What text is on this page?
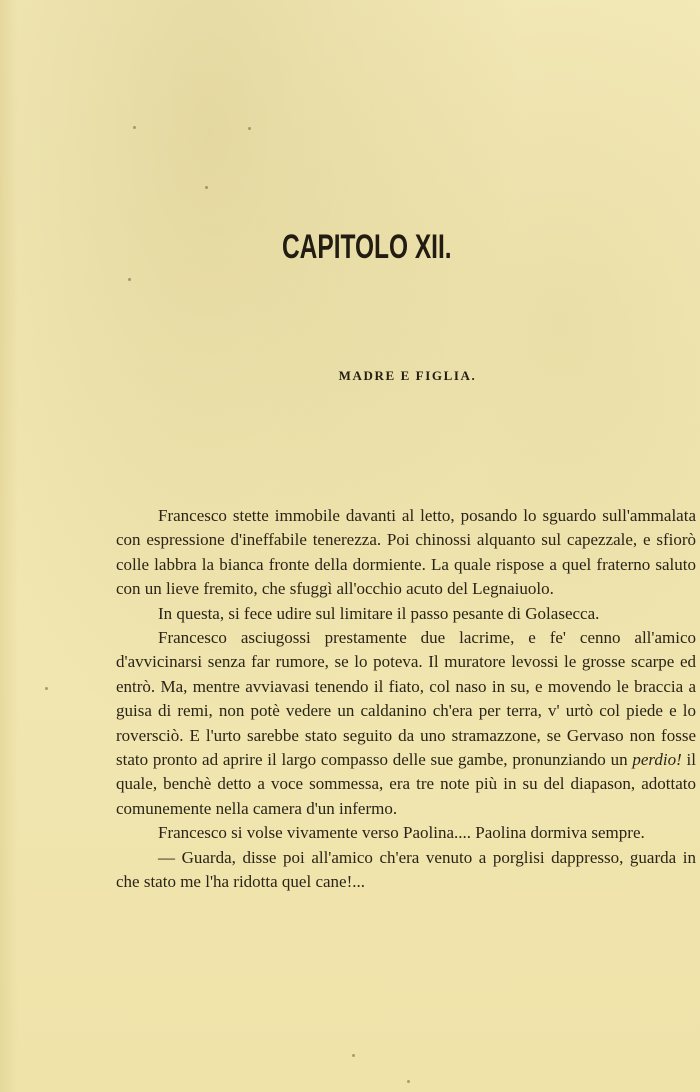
CAPITOLO XII.
MADRE E FIGLIA.

Francesco stette immobile davanti al letto, posando lo sguardo sull'ammalata con espressione d'ineffabile tenerezza. Poi chinossi alquanto sul capezzale, e sfiorò colle labbra la bianca fronte della dormiente. La quale rispose a quel fraterno saluto con un lieve fremito, che sfuggì all'occhio acuto del Legnaiuolo.

In questa, si fece udire sul limitare il passo pesante di Golasecca.

Francesco asciugossi prestamente due lacrime, e fe' cenno all'amico d'avvicinarsi senza far rumore, se lo poteva. Il muratore levossi le grosse scarpe ed entrò. Ma, mentre avviavasi tenendo il fiato, col naso in su, e movendo le braccia a guisa di remi, non potè vedere un caldanino ch'era per terra, v' urtò col piede e lo roversciò. E l'urto sarebbe stato seguito da uno stramazzone, se Gervaso non fosse stato pronto ad aprire il largo compasso delle sue gambe, pronunziando un perdio! il quale, benchè detto a voce sommessa, era tre note più in su del diapason, adottato comunemente nella camera d'un infermo.

Francesco si volse vivamente verso Paolina.... Paolina dormiva sempre.

— Guarda, disse poi all'amico ch'era venuto a porglisi dappresso, guarda in che stato me l'ha ridotta quel cane!...
